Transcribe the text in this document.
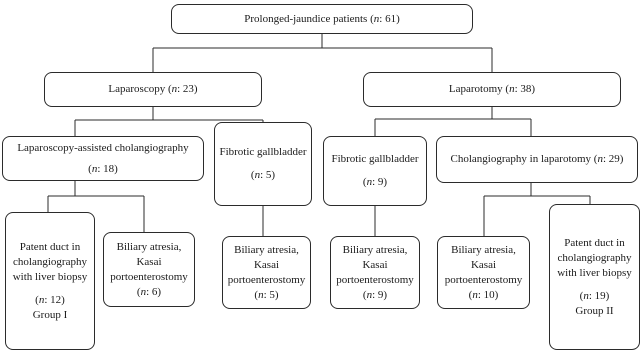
Prolonged-jaundice patients (n: 61)
Laparoscopy (n: 23)	Laparotomy (n: 38)
Laparoscopy-assisted cholangiography
(n: 18)
Fibrotic gallbladder
(n: 5)
Fibrotic gallbladder
(n: 9)
Cholangiography in laparotomy (n: 29)
Patent duct in
cholangiography
with liver biopsy
(n: 12)
Group I
Biliary atresia,
Kasai
portoenterostomy
(n: 6)
Biliary atresia,
Kasai
portoenterostomy
(n: 5)
Biliary atresia,
Kasai
portoenterostomy
(n: 9)
Biliary atresia,
Kasai
portoenterostomy
(n: 10)
Patent duct in
cholangiography
with liver biopsy
(n: 19)
Group II
